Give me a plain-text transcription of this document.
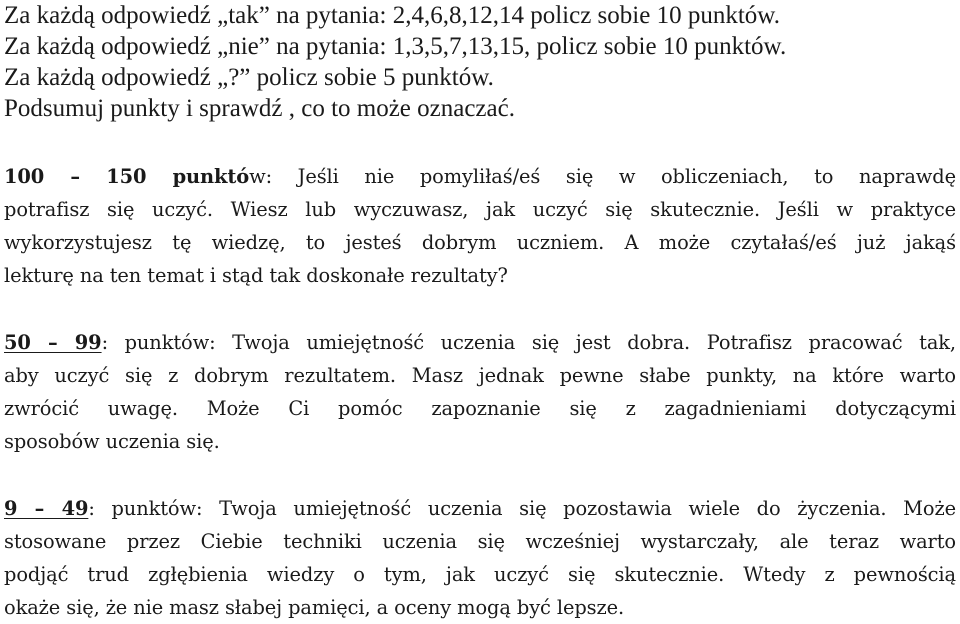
Za każdą odpowiedź „tak” na pytania: 2,4,6,8,12,14 policz sobie 10 punktów.

Za każdą odpowiedź „nie” na pytania: 1,3,5,7,13,15, policz sobie 10 punktów.

Za każdą odpowiedź „?” policz sobie 5 punktów.

Podsumuj punkty i sprawdź , co to może oznaczać.

100 – 150 punktów: Jeśli nie pomyliłaś/eś się w obliczeniach, to naprawdę
potrafisz się uczyć. Wiesz lub wyczuwasz, jak uczyć się skutecznie. Jeśli w praktyce
wykorzystujesz tę wiedzę, to jesteś dobrym uczniem. A może czytałaś/eś już jakąś
lekturę na ten temat i stąd tak doskonałe rezultaty?
50 – 99: punktów: Twoja umiejętność uczenia się jest dobra. Potrafisz pracować tak,
aby uczyć się z dobrym rezultatem. Masz jednak pewne słabe punkty, na które warto
zwrócić uwagę. Może Ci pomóc zapoznanie się z zagadnieniami dotyczącymi
sposobów uczenia się.
9 – 49: punktów: Twoja umiejętność uczenia się pozostawia wiele do życzenia. Może
stosowane przez Ciebie techniki uczenia się wcześniej wystarczały, ale teraz warto
podjąć trud zgłębienia wiedzy o tym, jak uczyć się skutecznie. Wtedy z pewnością
okaże się, że nie masz słabej pamięci, a oceny mogą być lepsze.
